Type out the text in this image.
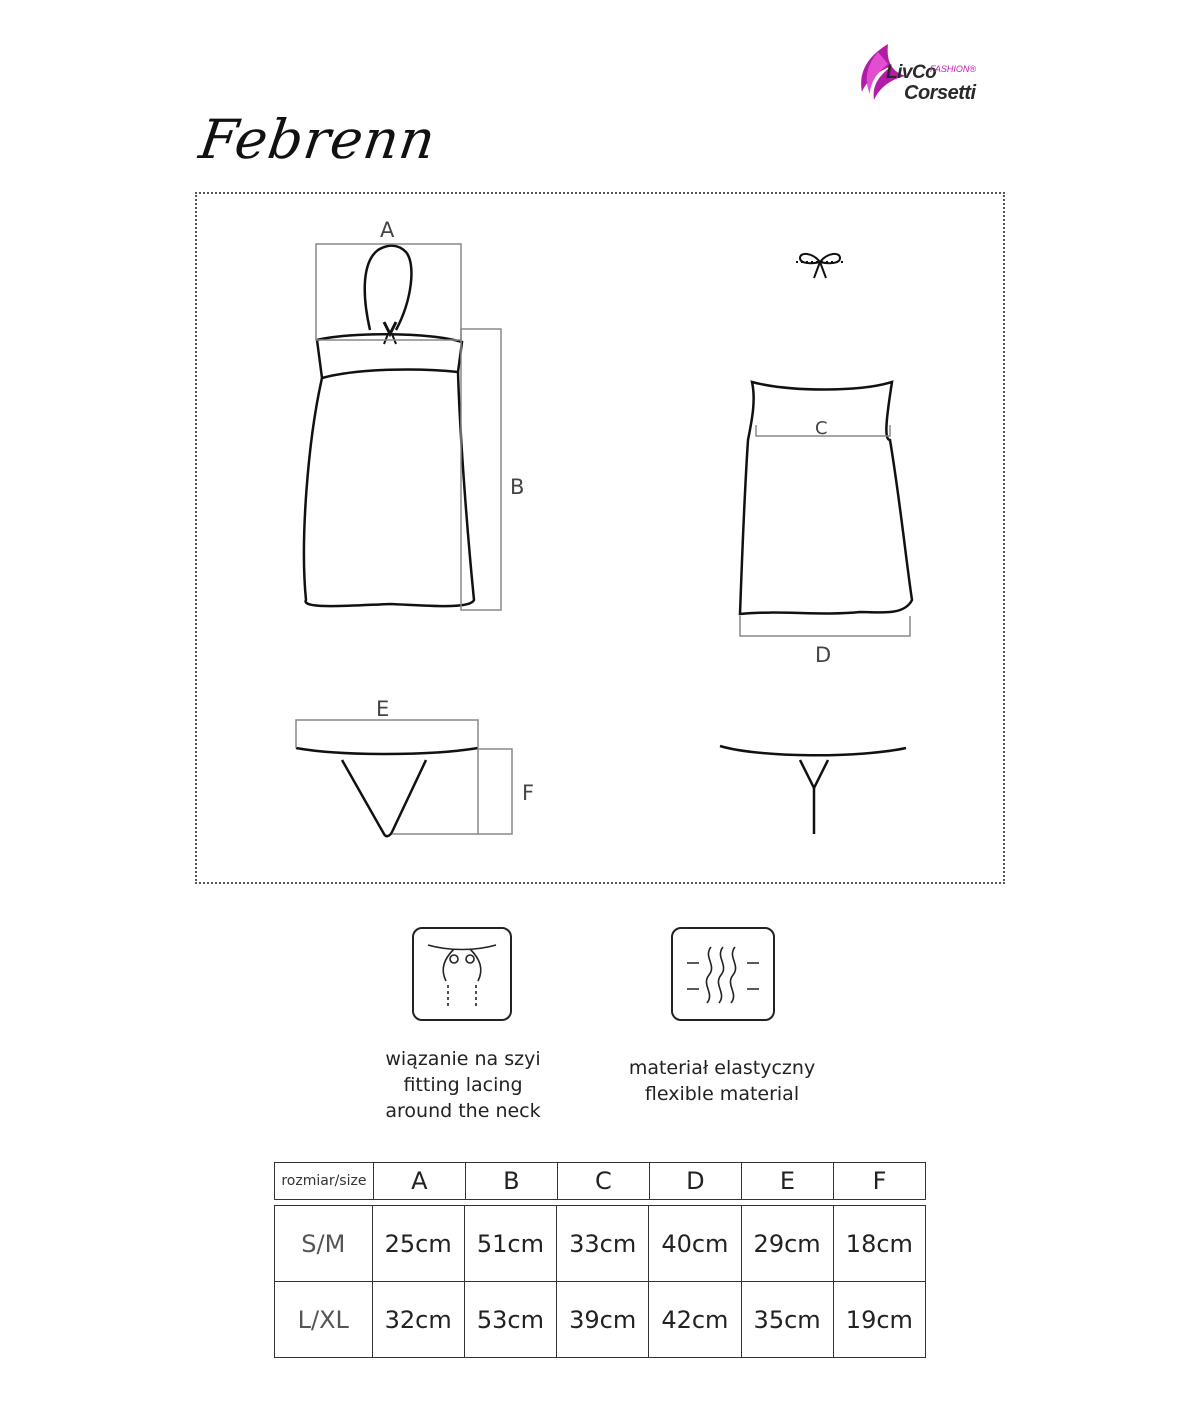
LivCo
FASHION®
Corsetti
Febrenn
A
B
C
D
E
F
wiązanie na szyi
fitting lacing
around the neck
materiał elastyczny
flexible material
rozmiar/size	A	B	C	D	E	F
S/M	25cm	51cm	33cm	40cm	29cm	18cm
L/XL	32cm	53cm	39cm	42cm	35cm	19cm
